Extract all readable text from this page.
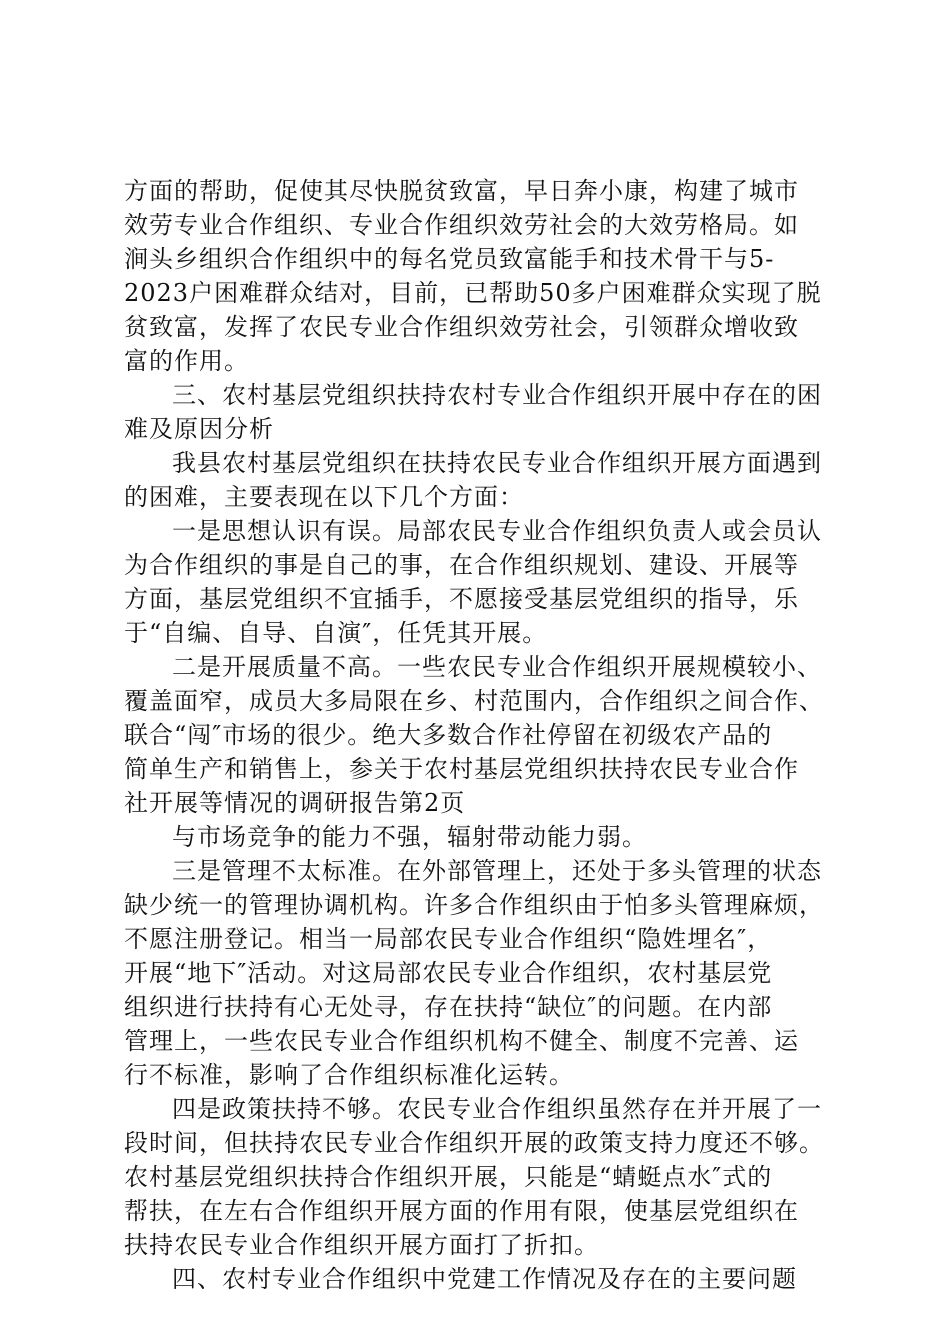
方面的帮助，促使其尽快脱贫致富，早日奔小康，构建了城市
效劳专业合作组织、专业合作组织效劳社会的大效劳格局。如
涧头乡组织合作组织中的每名党员致富能手和技术骨干与5-
2023户困难群众结对，目前，已帮助50多户困难群众实现了脱
贫致富，发挥了农民专业合作组织效劳社会，引领群众增收致
富的作用。
三、农村基层党组织扶持农村专业合作组织开展中存在的困
难及原因分析
我县农村基层党组织在扶持农民专业合作组织开展方面遇到
的困难，主要表现在以下几个方面：
一是思想认识有误。局部农民专业合作组织负责人或会员认
为合作组织的事是自己的事，在合作组织规划、建设、开展等
方面，基层党组织不宜插手，不愿接受基层党组织的指导，乐
于“自编、自导、自演″，任凭其开展。
二是开展质量不高。一些农民专业合作组织开展规模较小、
覆盖面窄，成员大多局限在乡、村范围内，合作组织之间合作、
联合“闯″市场的很少。绝大多数合作社停留在初级农产品的
简单生产和销售上，参关于农村基层党组织扶持农民专业合作
社开展等情况的调研报告第2页
与市场竞争的能力不强，辐射带动能力弱。
三是管理不太标准。在外部管理上，还处于多头管理的状态
缺少统一的管理协调机构。许多合作组织由于怕多头管理麻烦，
不愿注册登记。相当一局部农民专业合作组织“隐姓埋名″，
开展“地下″活动。对这局部农民专业合作组织，农村基层党
组织进行扶持有心无处寻，存在扶持“缺位″的问题。在内部
管理上，一些农民专业合作组织机构不健全、制度不完善、运
行不标准，影响了合作组织标准化运转。
四是政策扶持不够。农民专业合作组织虽然存在并开展了一
段时间，但扶持农民专业合作组织开展的政策支持力度还不够。
农村基层党组织扶持合作组织开展，只能是“蜻蜓点水″式的
帮扶，在左右合作组织开展方面的作用有限，使基层党组织在
扶持农民专业合作组织开展方面打了折扣。
四、农村专业合作组织中党建工作情况及存在的主要问题
